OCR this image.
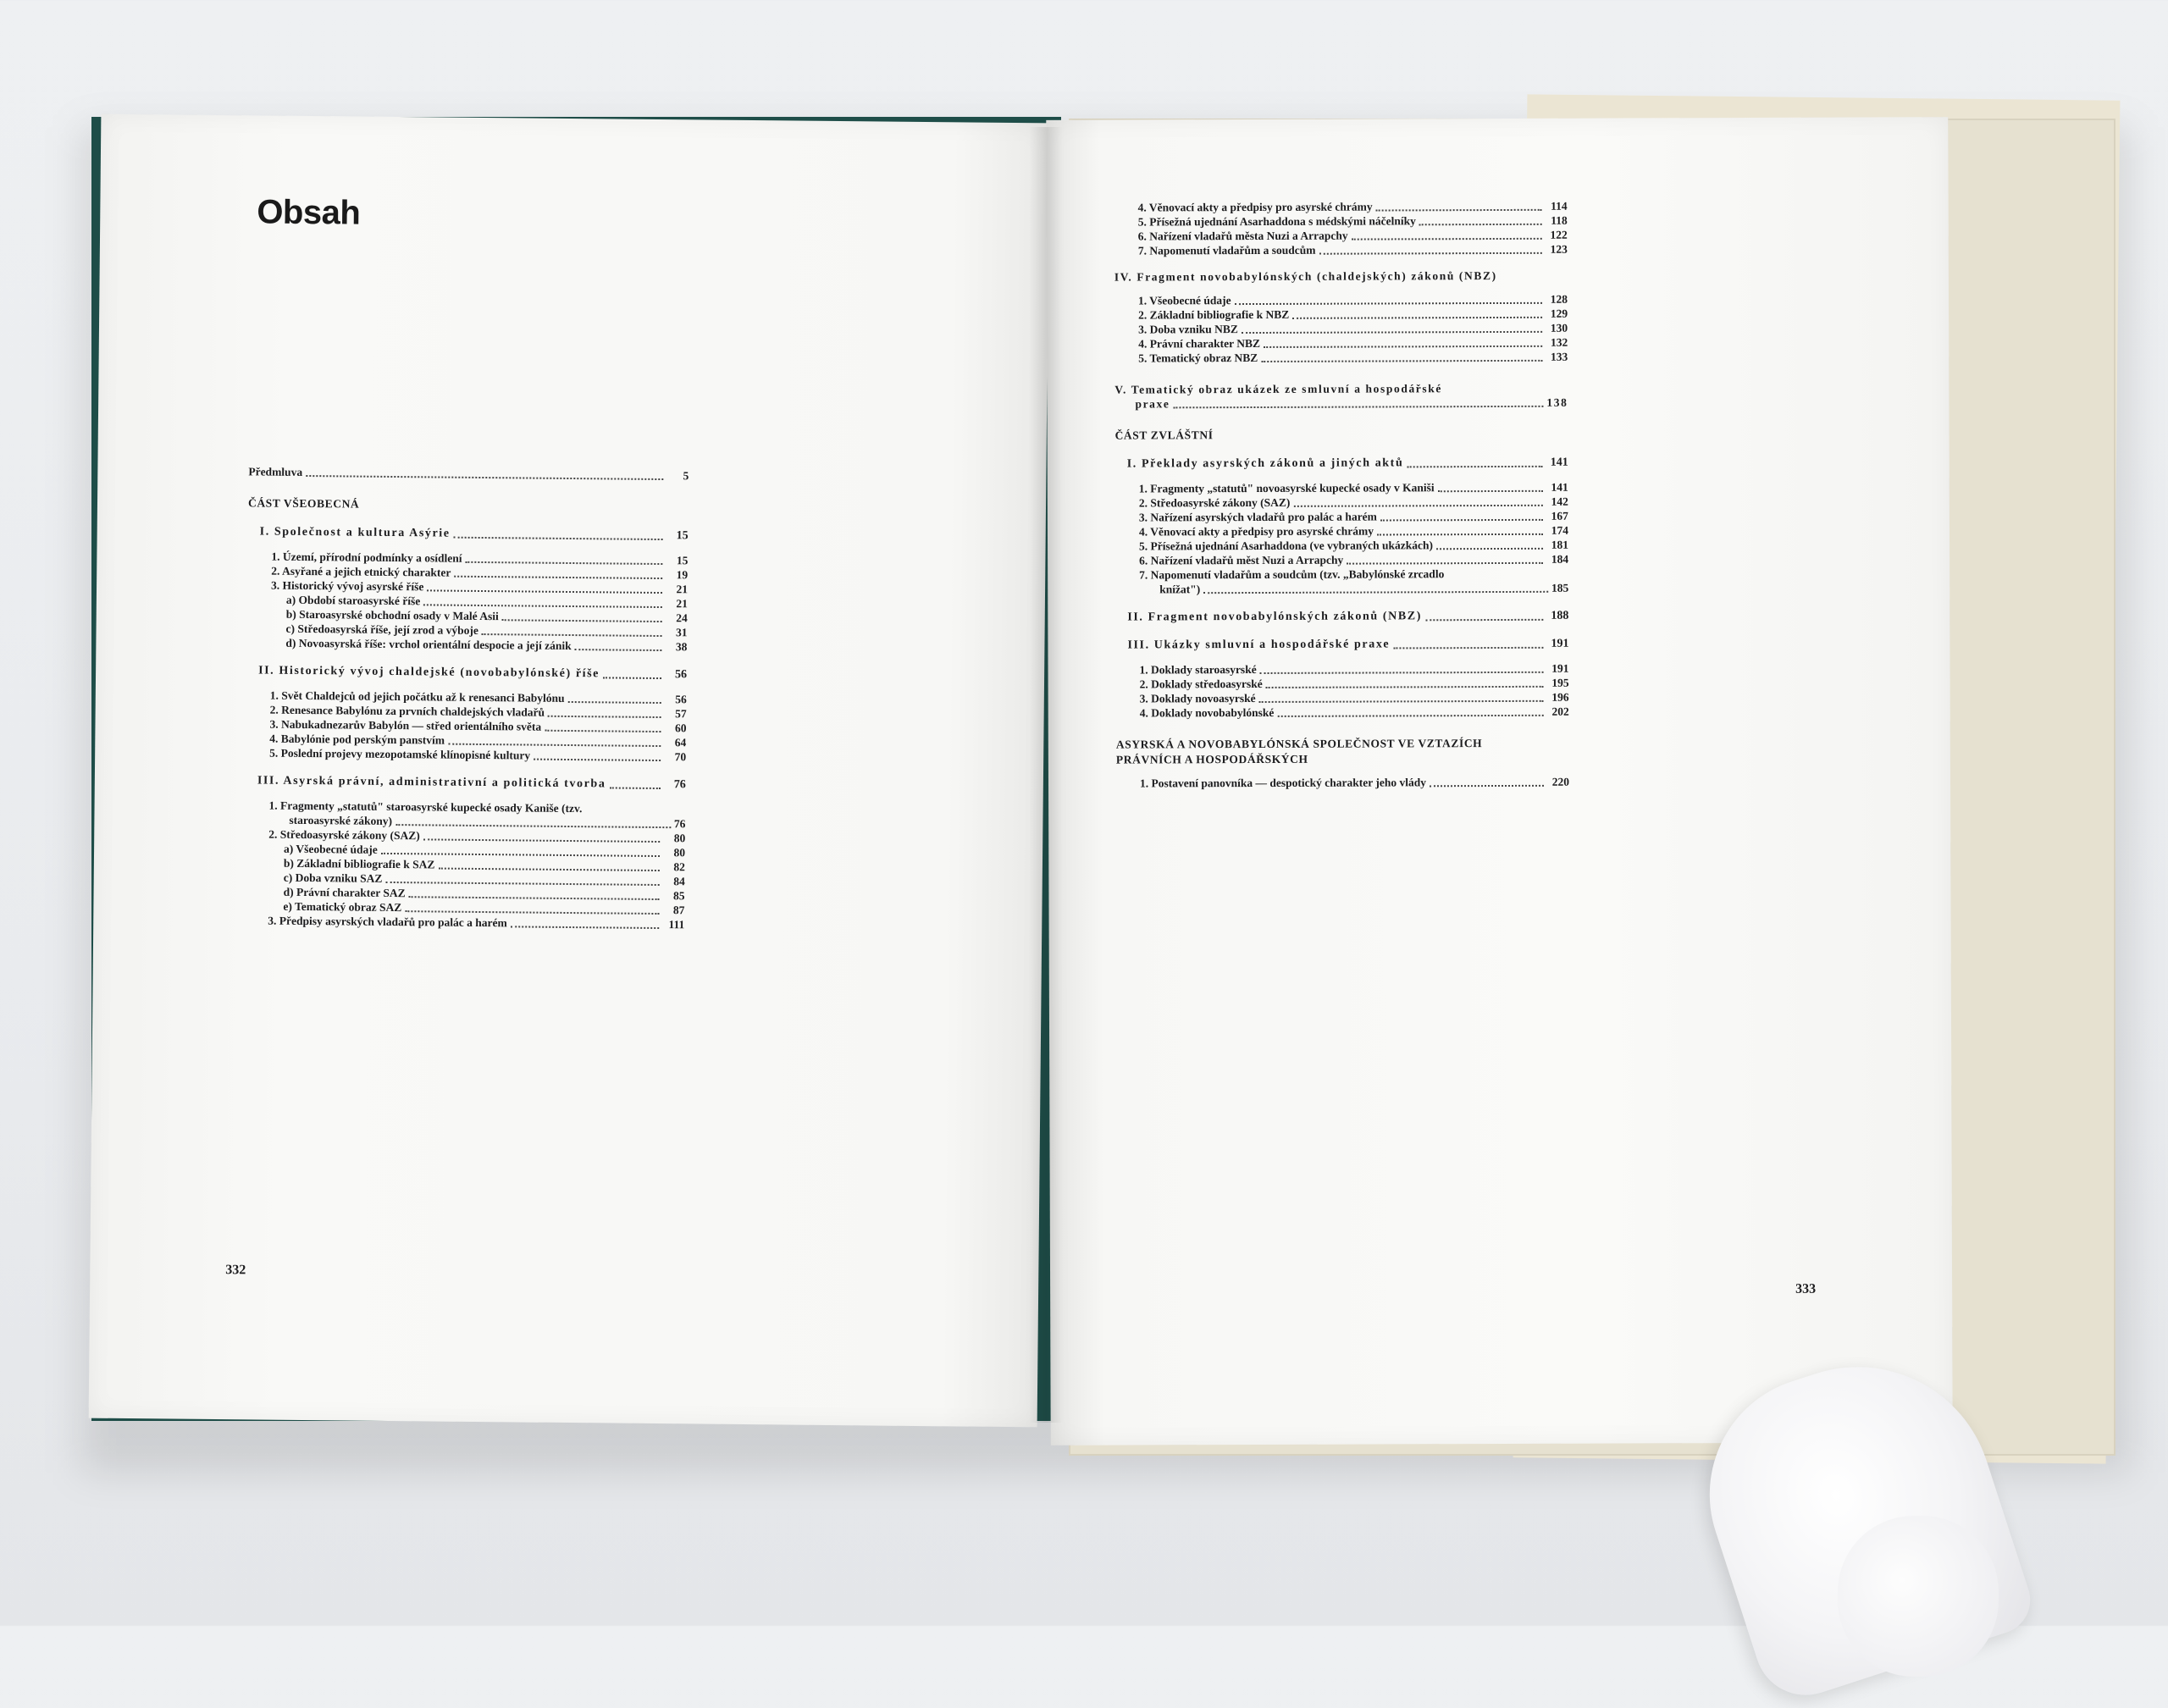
Obsah
Předmluva	5
ČÁST VŠEOBECNÁ
I. Společnost a kultura Asýrie	15
1. Území, přírodní podmínky a osídlení	15
2. Asyřané a jejich etnický charakter	19
3. Historický vývoj asyrské říše	21
a) Období staroasyrské říše	21
b) Staroasyrské obchodní osady v Malé Asii	24
c) Středoasyrská říše, její zrod a výboje	31
d) Novoasyrská říše: vrchol orientální despocie a její zánik	38
II. Historický vývoj chaldejské (novobabylónské) říše	56
1. Svět Chaldejců od jejich počátku až k renesanci Babylónu	56
2. Renesance Babylónu za prvních chaldejských vladařů	57
3. Nabukadnezarův Babylón — střed orientálního světa	60
4. Babylónie pod perským panstvím	64
5. Poslední projevy mezopotamské klínopisné kultury	70
III. Asyrská právní, administrativní a politická tvorba	76
1. Fragmenty „statutů" staroasyrské kupecké osady Kaniše (tzv.
staroasyrské zákony)	76
2. Středoasyrské zákony (SAZ)	80
a) Všeobecné údaje	80
b) Základní bibliografie k SAZ	82
c) Doba vzniku SAZ	84
d) Právní charakter SAZ	85
e) Tematický obraz SAZ	87
3. Předpisy asyrských vladařů pro palác a harém	111
332
4. Věnovací akty a předpisy pro asyrské chrámy	114
5. Přísežná ujednání Asarhaddona s médskými náčelníky	118
6. Nařízení vladařů města Nuzi a Arrapchy	122
7. Napomenutí vladařům a soudcům	123
IV. Fragment novobabylónských (chaldejských) zákonů (NBZ)
1. Všeobecné údaje	128
2. Základní bibliografie k NBZ	129
3. Doba vzniku NBZ	130
4. Právní charakter NBZ	132
5. Tematický obraz NBZ	133
V. Tematický obraz ukázek ze smluvní a hospodářské
praxe	138
ČÁST ZVLÁŠTNÍ
I. Překlady asyrských zákonů a jiných aktů	141
1. Fragmenty „statutů" novoasyrské kupecké osady v Kaniši	141
2. Středoasyrské zákony (SAZ)	142
3. Nařízení asyrských vladařů pro palác a harém	167
4. Věnovací akty a předpisy pro asyrské chrámy	174
5. Přísežná ujednání Asarhaddona (ve vybraných ukázkách)	181
6. Nařízení vladařů měst Nuzi a Arrapchy	184
7. Napomenutí vladařům a soudcům (tzv. „Babylónské zrcadlo
knížat")	185
II. Fragment novobabylónských zákonů (NBZ)	188
III. Ukázky smluvní a hospodářské praxe	191
1. Doklady staroasyrské	191
2. Doklady středoasyrské	195
3. Doklady novoasyrské	196
4. Doklady novobabylónské	202
ASYRSKÁ A NOVOBABYLÓNSKÁ SPOLEČNOST VE VZTAZÍCH
PRÁVNÍCH A HOSPODÁŘSKÝCH
1. Postavení panovníka — despotický charakter jeho vlády	220
333
